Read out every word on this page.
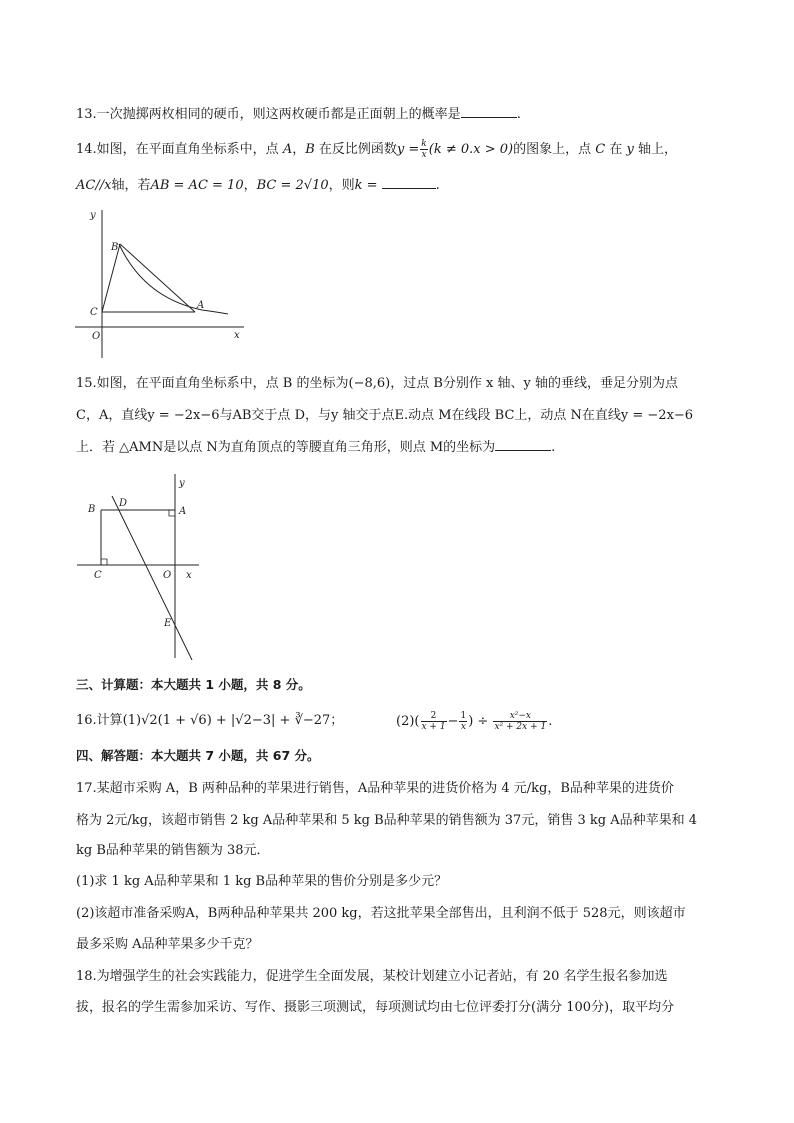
13.一次抛掷两枚相同的硬币，则这两枚硬币都是正面朝上的概率是	.
14.如图，在平面直角坐标系中，点 A，B 在反比例函数$y = \frac{k}{x} (k \ne 0.x > 0)$的图象上，点 C 在 y 轴上，
AC//x轴，若AB = AC = 10，BC = 2√10，则k =	.
y
x
B
C
O
A
15.如图，在平面直角坐标系中，点 B 的坐标为(−8,6)，过点 B分别作 x 轴、y 轴的垂线，垂足分别为点
C，A，直线y = −2x−6与AB交于点 D，与y 轴交于点E.动点 M在线段 BC上，动点 N在直线y = −2x−6
上．若 △AMN是以点 N为直角顶点的等腰直角三角形，则点 M的坐标为	.
y
B
D
A
C	O x
E
三、计算题：本大题共 1 小题，共 8 分。
16.计算(1)√2(1 + √6) + |√2−3| + ∛−27；	$(2)( \frac{2}{x + 1} - \frac{1}{x}$ ) ÷ $\frac{\text{x²−x}}{\text{x² + 2x + 1}}$ .
四、解答题：本大题共 7 小题，共 67 分。
17.某超市采购 A，B 两种品种的苹果进行销售，A品种苹果的进货价格为 4 元/kg，B品种苹果的进货价
格为 2元/kg，该超市销售 2 kg A品种苹果和 5 kg B品种苹果的销售额为 37元，销售 3 kg A品种苹果和 4
kg B品种苹果的销售额为 38元．
(1)求 1 kg A品种苹果和 1 kg B品种苹果的售价分别是多少元？
(2)该超市准备采购A，B两种品种苹果共 200 kg，若这批苹果全部售出，且利润不低于 528元，则该超市
最多采购 A品种苹果多少千克？
18.为增强学生的社会实践能力，促进学生全面发展，某校计划建立小记者站，有 20 名学生报名参加选
拔，报名的学生需参加采访、写作、摄影三项测试，每项测试均由七位评委打分(满分 100分)，取平均分
